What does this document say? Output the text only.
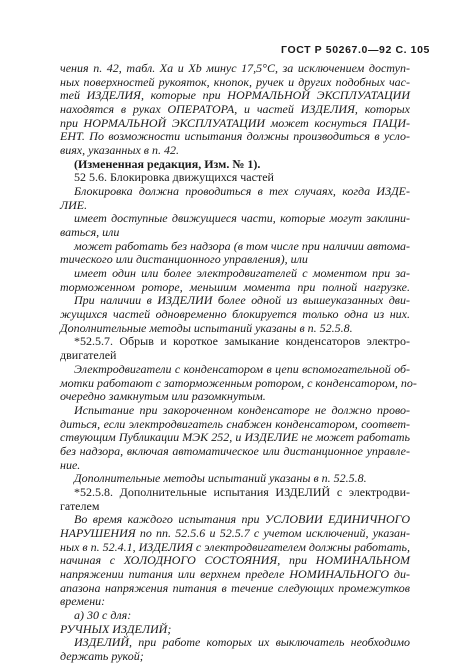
ГОСТ Р 50267.0—92 С. 105
чения п. 42, табл. Xa и Xb минус 17,5°C, за исключением доступ-
ных поверхностей рукояток, кнопок, ручек и других подобных час-
тей ИЗДЕЛИЯ, которые при НОРМАЛЬНОЙ ЭКСПЛУАТАЦИИ
находятся в руках ОПЕРАТОРА, и частей ИЗДЕЛИЯ, которых
при НОРМАЛЬНОЙ ЭКСПЛУАТАЦИИ может коснуться ПАЦИ-
ЕНТ. По возможности испытания должны производиться в усло-
виях, указанных в п. 42.
(Измененная редакция, Изм. № 1).
52 5.6. Блокировка движущихся частей
Блокировка должна проводиться в тех случаях, когда ИЗДЕ-
ЛИЕ.
имеет доступные движущиеся части, которые могут заклини-
ваться, или
может работать без надзора (в том числе при наличии автома-
тического или дистанционного управления), или
имеет один или более электродвигателей с моментом при за-
торможенном роторе, меньшим момента при полной нагрузке.
При наличии в ИЗДЕЛИИ более одной из вышеуказанных дви-
жущихся частей одновременно блокируется только одна из них.
Дополнительные методы испытаний указаны в п. 52.5.8.
*52.5.7. Обрыв и короткое замыкание конденсаторов электро-
двигателей
Электродвигатели с конденсатором в цепи вспомогательной об-
мотки работают с заторможенным ротором, с конденсатором, по-
очередно замкнутым или разомкнутым.
Испытание при закороченном конденсаторе не должно прово-
диться, если электродвигатель снабжен конденсатором, соответ-
ствующим Публикации МЭК 252, и ИЗДЕЛИЕ не может работать
без надзора, включая автоматическое или дистанционное управле-
ние.
Дополнительные методы испытаний указаны в п. 52.5.8.
*52.5.8. Дополнительные испытания ИЗДЕЛИЙ с электродви-
гателем
Во время каждого испытания при УСЛОВИИ ЕДИНИЧНОГО
НАРУШЕНИЯ по пп. 52.5.6 и 52.5.7 с учетом исключений, указан-
ных в п. 52.4.1, ИЗДЕЛИЯ с электродвигателем должны работать,
начиная с ХОЛОДНОГО СОСТОЯНИЯ, при НОМИНАЛЬНОМ
напряжении питания или верхнем пределе НОМИНАЛЬНОГО ди-
апазона напряжения питания в течение следующих промежутков
времени:
а) 30 с для:
РУЧНЫХ ИЗДЕЛИЙ;
ИЗДЕЛИЙ, при работе которых их выключатель необходимо
держать рукой;
